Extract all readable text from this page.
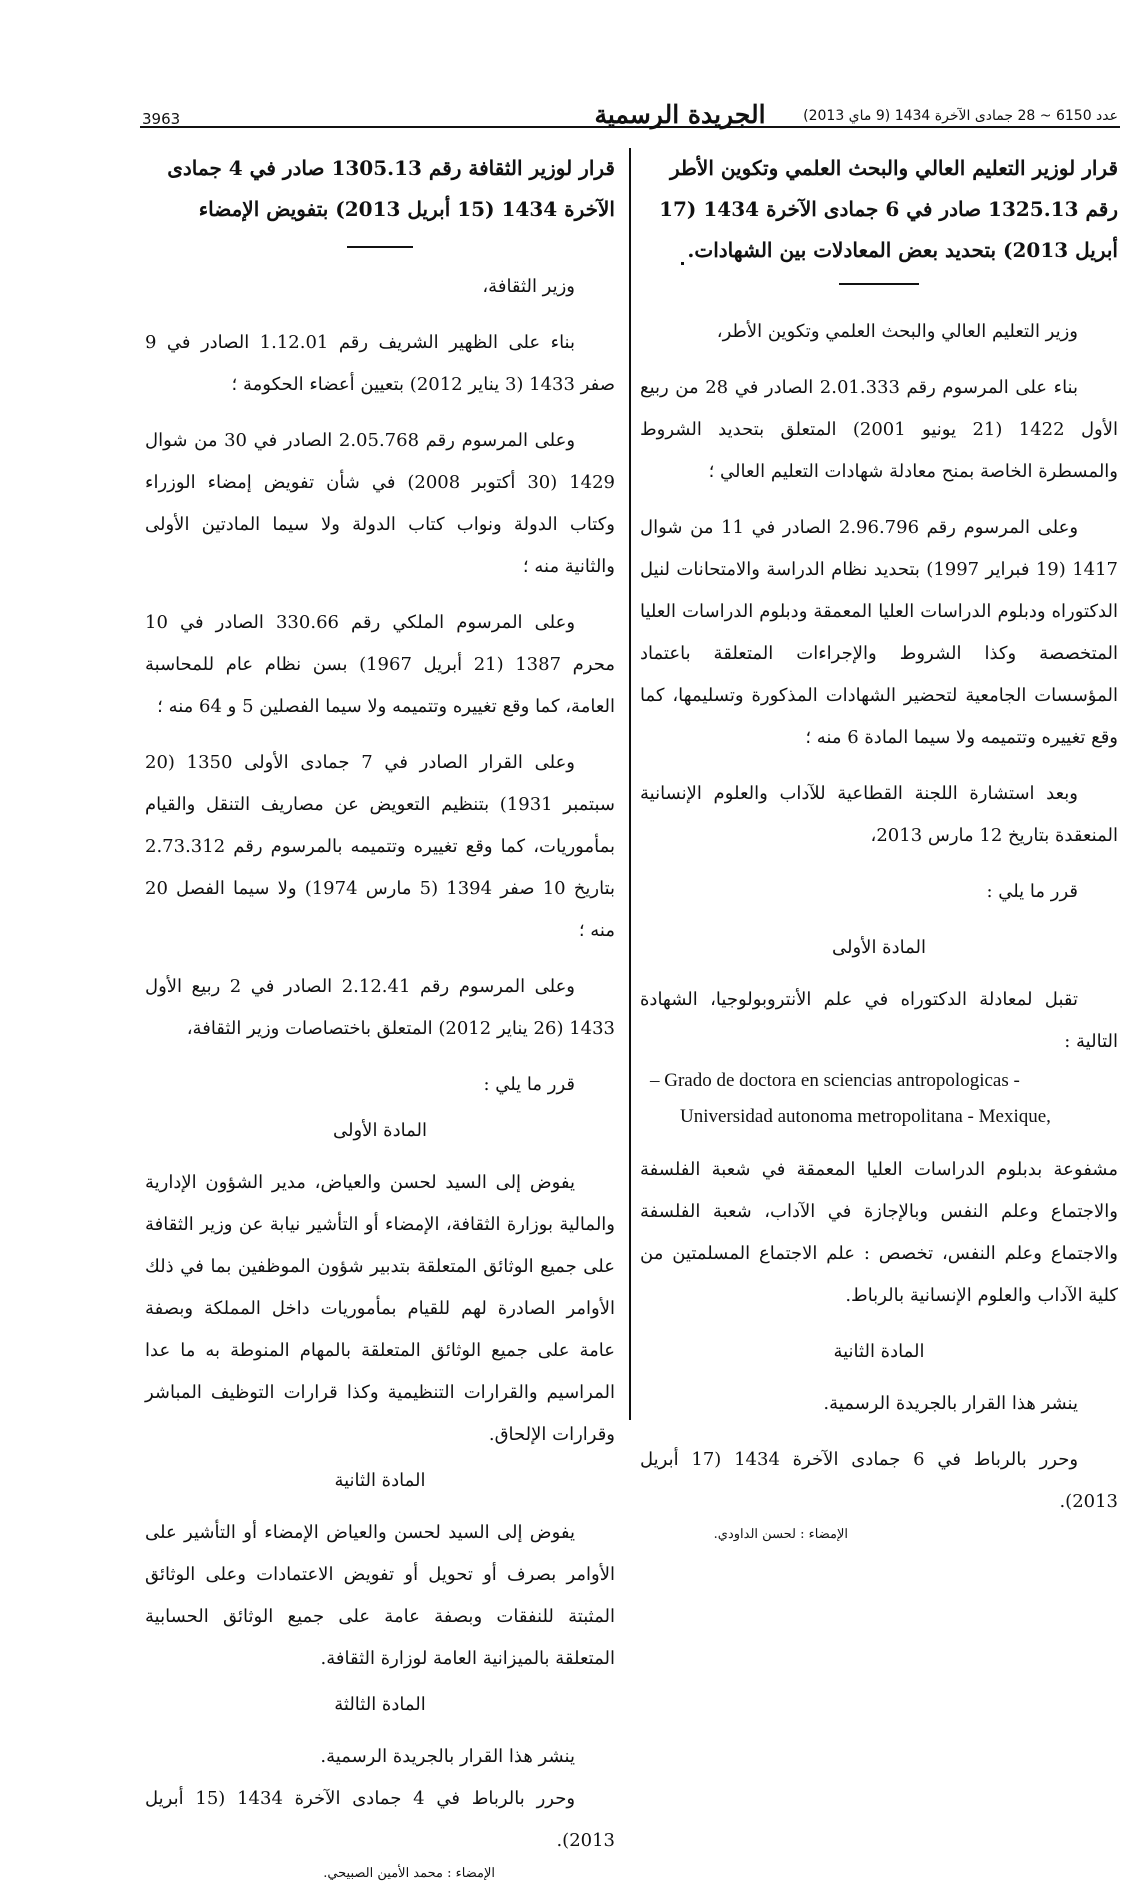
3963	الجريدة الرسمية	عدد 6150 ~ 28 جمادى الآخرة 1434 (9 ماي 2013)

قرار لوزير التعليم العالي والبحث العلمي وتكوين الأطر رقم 1325.13 صادر في 6 جمادى الآخرة 1434 (17 أبريل 2013) بتحديد بعض المعادلات بين الشهادات.

وزير التعليم العالي والبحث العلمي وتكوين الأطر،

بناء على المرسوم رقم 2.01.333 الصادر في 28 من ربيع الأول 1422 (21 يونيو 2001) المتعلق بتحديد الشروط والمسطرة الخاصة بمنح معادلة شهادات التعليم العالي ؛

وعلى المرسوم رقم 2.96.796 الصادر في 11 من شوال 1417 (19 فبراير 1997) بتحديد نظام الدراسة والامتحانات لنيل الدكتوراه ودبلوم الدراسات العليا المعمقة ودبلوم الدراسات العليا المتخصصة وكذا الشروط والإجراءات المتعلقة باعتماد المؤسسات الجامعية لتحضير الشهادات المذكورة وتسليمها، كما وقع تغييره وتتميمه ولا سيما المادة 6 منه ؛

وبعد استشارة اللجنة القطاعية للآداب والعلوم الإنسانية المنعقدة بتاريخ 12 مارس 2013،

قرر ما يلي :

المادة الأولى

تقبل لمعادلة الدكتوراه في علم الأنتروبولوجيا، الشهادة التالية :

– Grado de doctora en sciencias antropologicas -
Universidad autonoma metropolitana - Mexique,

مشفوعة بدبلوم الدراسات العليا المعمقة في شعبة الفلسفة والاجتماع وعلم النفس وبالإجازة في الآداب، شعبة الفلسفة والاجتماع وعلم النفس، تخصص : علم الاجتماع المسلمتين من كلية الآداب والعلوم الإنسانية بالرباط.

المادة الثانية

ينشر هذا القرار بالجريدة الرسمية.

وحرر بالرباط في 6 جمادى الآخرة 1434 (17 أبريل 2013).

الإمضاء : لحسن الداودي.

قرار لوزير الثقافة رقم 1305.13 صادر في 4 جمادى الآخرة 1434 (15 أبريل 2013) بتفويض الإمضاء

وزير الثقافة،

بناء على الظهير الشريف رقم 1.12.01 الصادر في 9 صفر 1433 (3 يناير 2012) بتعيين أعضاء الحكومة ؛

وعلى المرسوم رقم 2.05.768 الصادر في 30 من شوال 1429 (30 أكتوبر 2008) في شأن تفويض إمضاء الوزراء وكتاب الدولة ونواب كتاب الدولة ولا سيما المادتين الأولى والثانية منه ؛

وعلى المرسوم الملكي رقم 330.66 الصادر في 10 محرم 1387 (21 أبريل 1967) بسن نظام عام للمحاسبة العامة، كما وقع تغييره وتتميمه ولا سيما الفصلين 5 و 64 منه ؛

وعلى القرار الصادر في 7 جمادى الأولى 1350 (20 سبتمبر 1931) بتنظيم التعويض عن مصاريف التنقل والقيام بمأموريات، كما وقع تغييره وتتميمه بالمرسوم رقم 2.73.312 بتاريخ 10 صفر 1394 (5 مارس 1974) ولا سيما الفصل 20 منه ؛

وعلى المرسوم رقم 2.12.41 الصادر في 2 ربيع الأول 1433 (26 يناير 2012) المتعلق باختصاصات وزير الثقافة،

قرر ما يلي :

المادة الأولى

يفوض إلى السيد لحسن والعياض، مدير الشؤون الإدارية والمالية بوزارة الثقافة، الإمضاء أو التأشير نيابة عن وزير الثقافة على جميع الوثائق المتعلقة بتدبير شؤون الموظفين بما في ذلك الأوامر الصادرة لهم للقيام بمأموريات داخل المملكة وبصفة عامة على جميع الوثائق المتعلقة بالمهام المنوطة به ما عدا المراسيم والقرارات التنظيمية وكذا قرارات التوظيف المباشر وقرارات الإلحاق.

المادة الثانية

يفوض إلى السيد لحسن والعياض الإمضاء أو التأشير على الأوامر بصرف أو تحويل أو تفويض الاعتمادات وعلى الوثائق المثبتة للنفقات وبصفة عامة على جميع الوثائق الحسابية المتعلقة بالميزانية العامة لوزارة الثقافة.

المادة الثالثة

ينشر هذا القرار بالجريدة الرسمية.

وحرر بالرباط في 4 جمادى الآخرة 1434 (15 أبريل 2013).

الإمضاء : محمد الأمين الصبيحي.
